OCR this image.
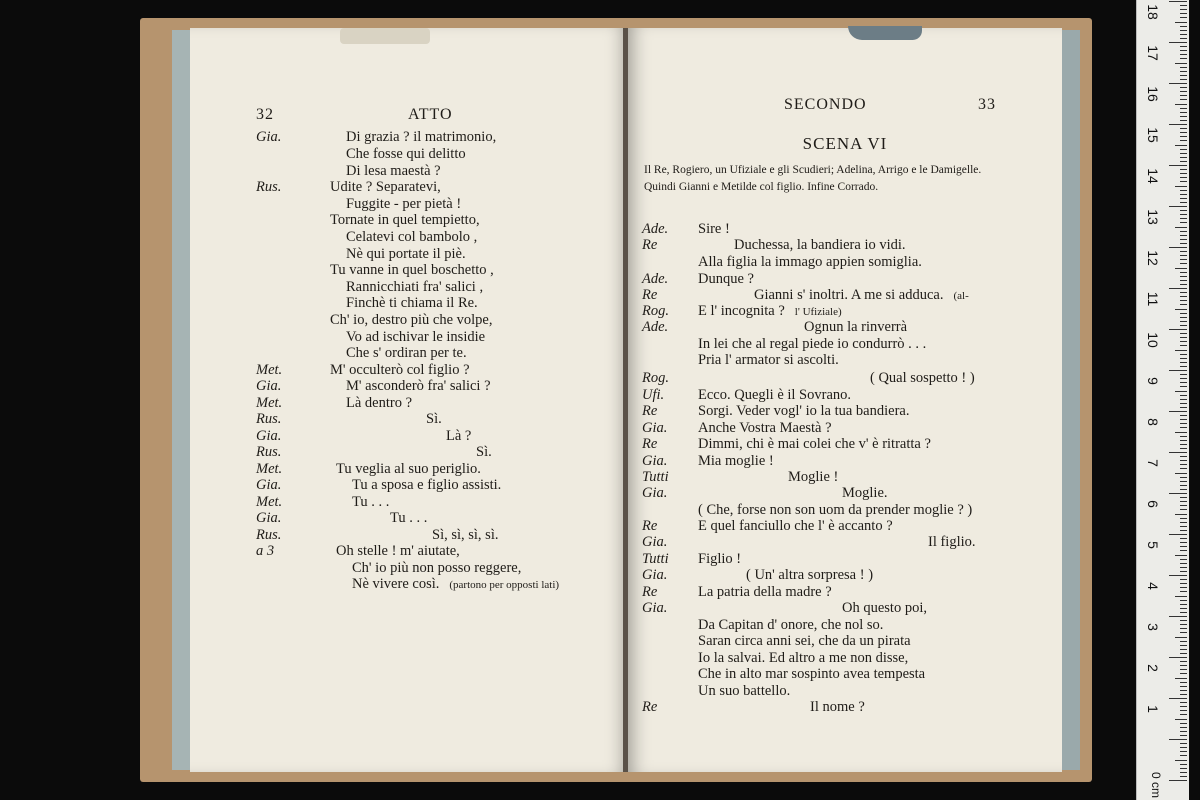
32	ATTO
Gia.	Di grazia ? il matrimonio,
Che fosse qui delitto
Di lesa maestà ?
Rus.	Udite ? Separatevi,
Fuggite - per pietà !
Tornate in quel tempietto,
Celatevi col bambolo ,
Nè qui portate il piè.
Tu vanne in quel boschetto ,
Rannicchiati fra' salici ,
Finchè ti chiama il Re.
Ch' io, destro più che volpe,
Vo ad ischivar le insidie
Che s' ordiran per te.
Met.	M' occulterò col figlio ?
Gia.	M' asconderò fra' salici ?
Met.	Là dentro ?
Rus.	Sì.
Gia.	Là ?
Rus.	Sì.
Met.	Tu veglia al suo periglio.
Gia.	Tu a sposa e figlio assisti.
Met.	Tu . . .
Gia.	Tu . . .
Rus.	Sì, sì, sì, sì.
a 3	Oh stelle ! m' aiutate,
Ch' io più non posso reggere,
Nè vivere così. (partono per opposti lati)
SECONDO	33
SCENA VI
Il Re, Rogiero, un Ufiziale e gli Scudieri; Adelina, Arrigo e le Damigelle. Quindi Gianni e Metilde col figlio. Infine Corrado.
Ade. Sire !
Re	Duchessa, la bandiera io vidi.
Alla figlia la immago appien somiglia.
Ade. Dunque ?
Re	Gianni s' inoltri. A me si adduca. (al-
Rog. E l' incognita ? l' Ufiziale)
Ade.	Ognun la rinverrà
In lei che al regal piede io condurrò . . .
Pria l' armator si ascolti.
Rog.	( Qual sospetto ! )
Ufi. Ecco. Quegli è il Sovrano.
Re	Sorgi. Veder vogl' io la tua bandiera.
Gia. Anche Vostra Maestà ?
Re	Dimmi, chi è mai colei che v' è ritratta ?
Gia. Mia moglie !
Tutti	Moglie !
Gia.	Moglie.
( Che, forse non son uom da prender moglie ? )
Re	E quel fanciullo che l' è accanto ?
Gia.	Il figlio.
Tutti Figlio !
Gia.	( Un' altra sorpresa ! )
Re	La patria della madre ?
Gia.	Oh questo poi,
Da Capitan d' onore, che nol so.
Saran circa anni sei, che da un pirata
Io la salvai. Ed altro a me non disse,
Che in alto mar sospinto avea tempesta
Un suo battello.
Re	Il nome ?
18
17
16
15
14
13
12
11
10
9
8
7
6
5
4
3
2
1
0 cm
